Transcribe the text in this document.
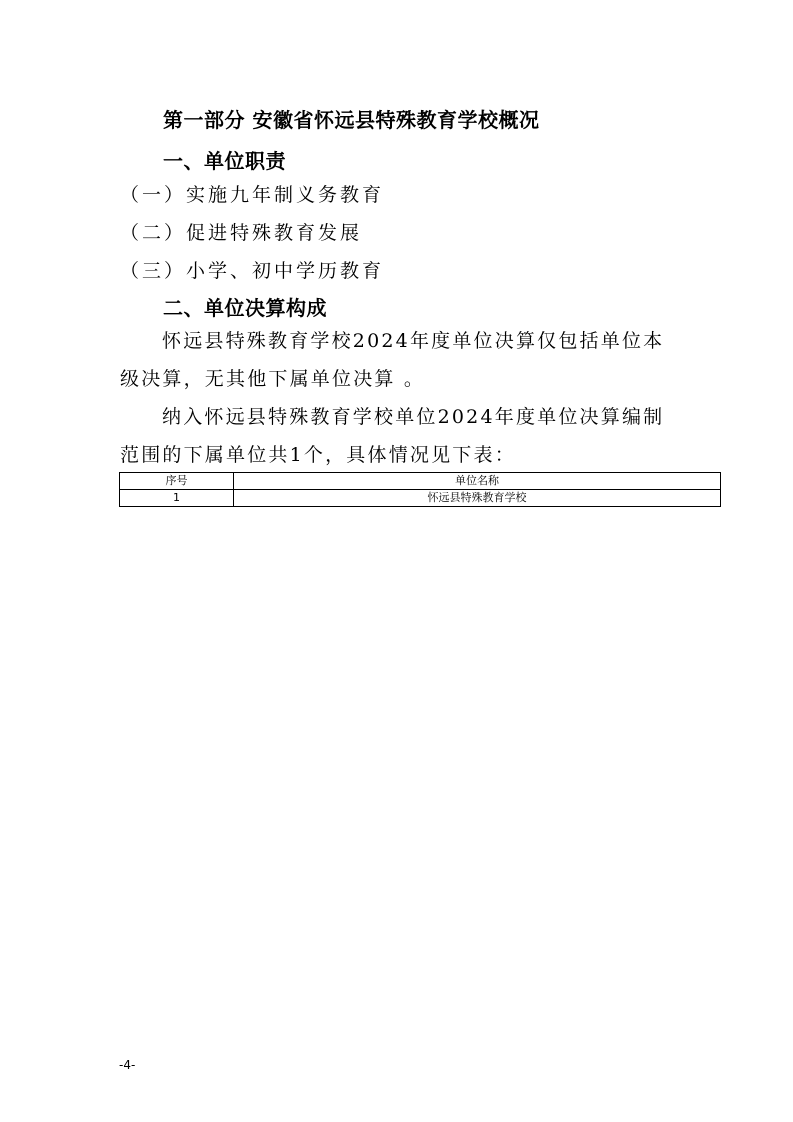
第一部分 安徽省怀远县特殊教育学校概况
一、单位职责
（一）实施九年制义务教育
（二）促进特殊教育发展
（三）小学、初中学历教育
二、单位决算构成
怀远县特殊教育学校2024年度单位决算仅包括单位本级决算，无其他下属单位决算 。
纳入怀远县特殊教育学校单位2024年度单位决算编制范围的下属单位共1个，具体情况见下表：
序号	单位名称
1	怀远县特殊教育学校
-4-
